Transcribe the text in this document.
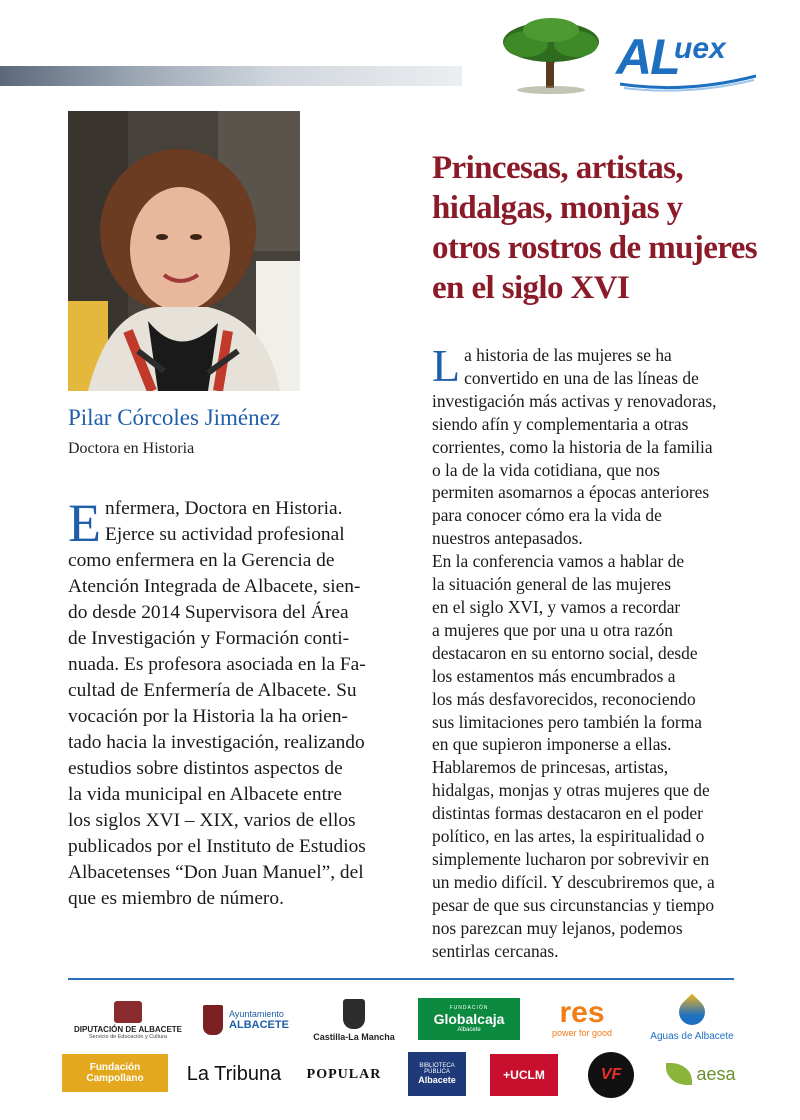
AL
uex
Pilar Córcoles Jiménez
Doctora en Historia
E nfermera, Doctora en Historia.
Ejerce su actividad profesional
como enfermera en la Gerencia de
Atención Integrada de Albacete, sien-
do desde 2014 Supervisora del Área
de Investigación y Formación conti-
nuada. Es profesora asociada en la Fa-
cultad de Enfermería de Albacete. Su
vocación por la Historia la ha orien-
tado hacia la investigación, realizando
estudios sobre distintos aspectos de
la vida municipal en Albacete entre
los siglos XVI – XIX, varios de ellos
publicados por el Instituto de Estudios
Albacetenses “Don Juan Manuel”, del
que es miembro de número.
Princesas, artistas,
hidalgas, monjas y
otros rostros de mujeres
en el siglo XVI
L a historia de las mujeres se ha
convertido en una de las líneas de
investigación más activas y renovadoras,
siendo afín y complementaria a otras
corrientes, como la historia de la familia
o la de la vida cotidiana, que nos
permiten asomarnos a épocas anteriores
para conocer cómo era la vida de
nuestros antepasados.
En la conferencia vamos a hablar de
la situación general de las mujeres
en el siglo XVI, y vamos a recordar
a mujeres que por una u otra razón
destacaron en su entorno social, desde
los estamentos más encumbrados a
los más desfavorecidos, reconociendo
sus limitaciones pero también la forma
en que supieron imponerse a ellas.
Hablaremos de princesas, artistas,
hidalgas, monjas y otras mujeres que de
distintas formas destacaron en el poder
político, en las artes, la espiritualidad o
simplemente lucharon por sobrevivir en
un medio difícil. Y descubriremos que, a
pesar de que sus circunstancias y tiempo
nos parezcan muy lejanos, podemos
sentirlas cercanas.
DIPUTACIÓN DE ALBACETE
Servicio de Educación y Cultura
Ayuntamiento
ALBACETE
Castilla-La Mancha
FUNDACIÓN
Globalcaja
Albacete
res
power for good	Aguas de Albacete
Fundación Campollano	La Tribuna POPULAR
BIBLIOTECA PÚBLICA
Albacete	+UCLM	VF	aesa
